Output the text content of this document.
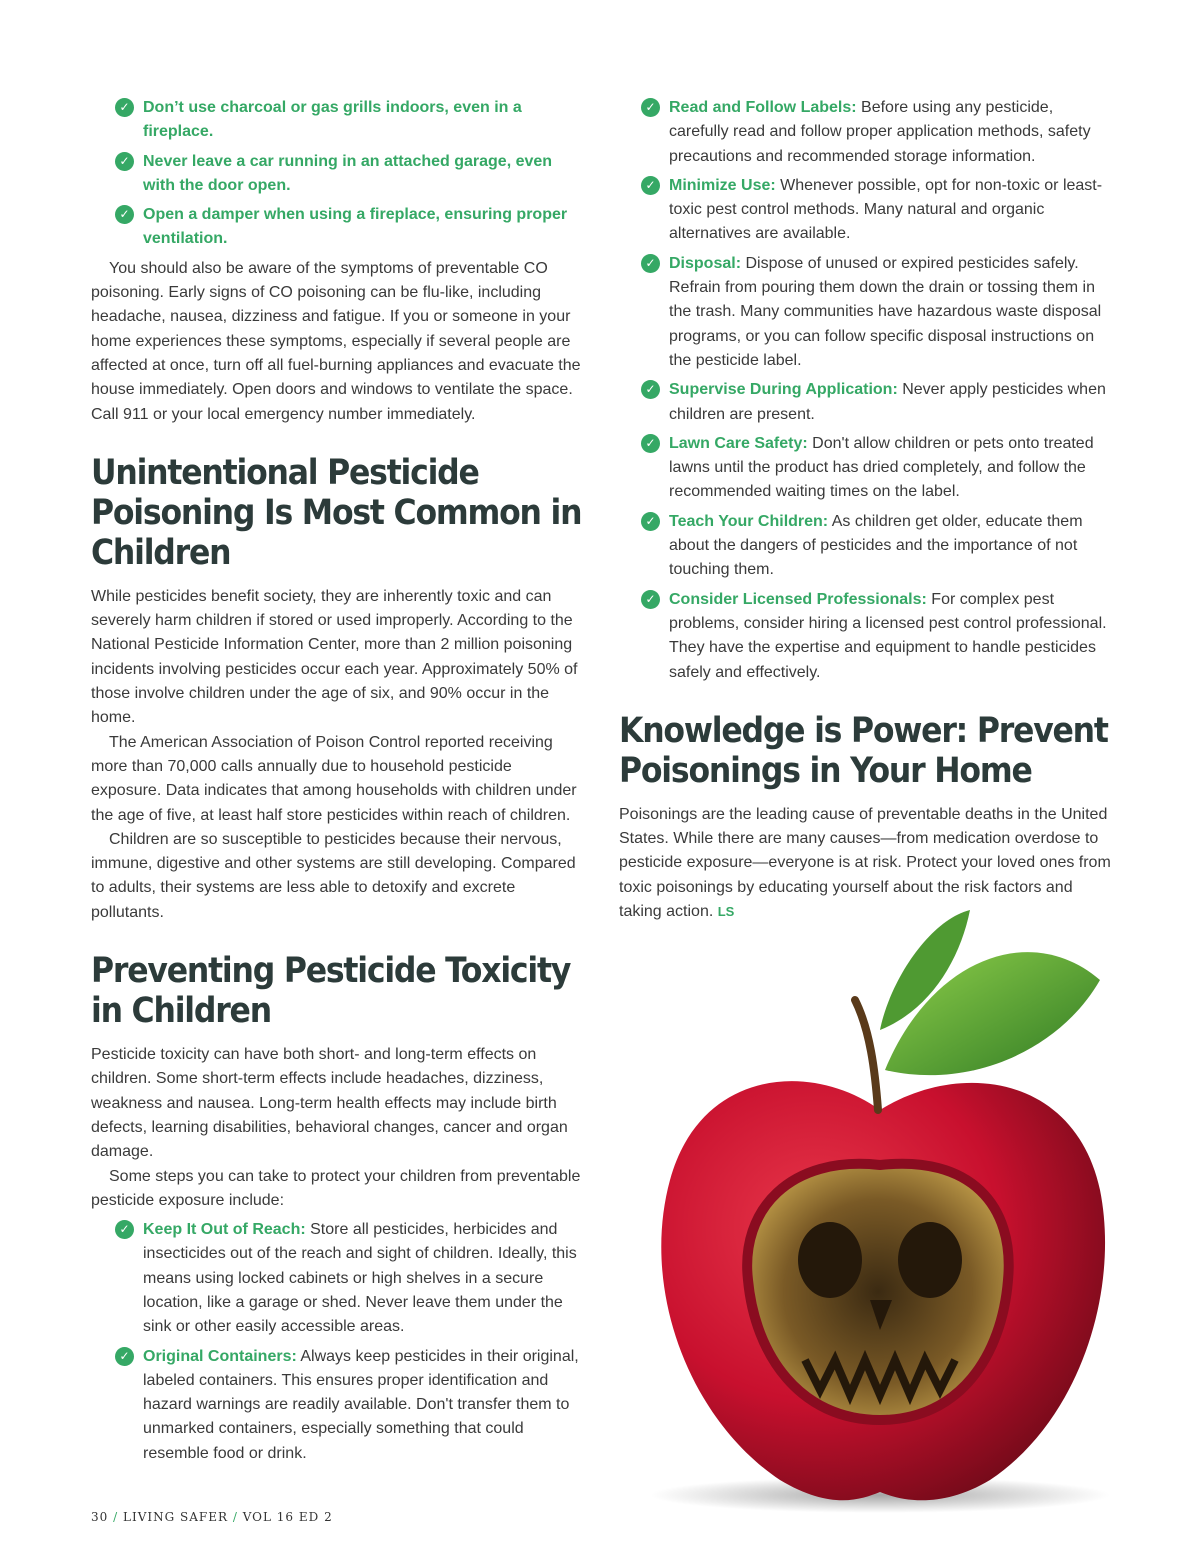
✓ Don’t use charcoal or gas grills indoors, even in a fireplace.
✓ Never leave a car running in an attached garage, even with the door open.
✓ Open a damper when using a fireplace, ensuring proper ventilation.

You should also be aware of the symptoms of preventable CO poisoning. Early signs of CO poisoning can be flu-like, including headache, nausea, dizziness and fatigue. If you or someone in your home experiences these symptoms, especially if several people are affected at once, turn off all fuel-burning appliances and evacuate the house immediately. Open doors and windows to ventilate the space. Call 911 or your local emergency number immediately.

Unintentional Pesticide Poisoning Is Most Common in Children

While pesticides benefit society, they are inherently toxic and can severely harm children if stored or used improperly. According to the National Pesticide Information Center, more than 2 million poisoning incidents involving pesticides occur each year. Approximately 50% of those involve children under the age of six, and 90% occur in the home.

The American Association of Poison Control reported receiving more than 70,000 calls annually due to household pesticide exposure. Data indicates that among households with children under the age of five, at least half store pesticides within reach of children.

Children are so susceptible to pesticides because their nervous, immune, digestive and other systems are still developing. Compared to adults, their systems are less able to detoxify and excrete pollutants.

Preventing Pesticide Toxicity in Children

Pesticide toxicity can have both short- and long-term effects on children. Some short-term effects include headaches, dizziness, weakness and nausea. Long-term health effects may include birth defects, learning disabilities, behavioral changes, cancer and organ damage.

Some steps you can take to protect your children from preventable pesticide exposure include:

✓ Keep It Out of Reach: Store all pesticides, herbicides and insecticides out of the reach and sight of children. Ideally, this means using locked cabinets or high shelves in a secure location, like a garage or shed. Never leave them under the sink or other easily accessible areas.
✓ Original Containers: Always keep pesticides in their original, labeled containers. This ensures proper identification and hazard warnings are readily available. Don't transfer them to unmarked containers, especially something that could resemble food or drink.
✓ Read and Follow Labels: Before using any pesticide, carefully read and follow proper application methods, safety precautions and recommended storage information.
✓ Minimize Use: Whenever possible, opt for non-toxic or least-toxic pest control methods. Many natural and organic alternatives are available.
✓ Disposal: Dispose of unused or expired pesticides safely. Refrain from pouring them down the drain or tossing them in the trash. Many communities have hazardous waste disposal programs, or you can follow specific disposal instructions on the pesticide label.
✓ Supervise During Application: Never apply pesticides when children are present.
✓ Lawn Care Safety: Don't allow children or pets onto treated lawns until the product has dried completely, and follow the recommended waiting times on the label.
✓ Teach Your Children: As children get older, educate them about the dangers of pesticides and the importance of not touching them.
✓ Consider Licensed Professionals: For complex pest problems, consider hiring a licensed pest control professional. They have the expertise and equipment to handle pesticides safely and effectively.
Knowledge is Power: Prevent Poisonings in Your Home

Poisonings are the leading cause of preventable deaths in the United States. While there are many causes—from medication overdose to pesticide exposure—everyone is at risk. Protect your loved ones from toxic poisonings by educating yourself about the risk factors and taking action. LS

30 / LIVING SAFER / VOL 16 ED 2
